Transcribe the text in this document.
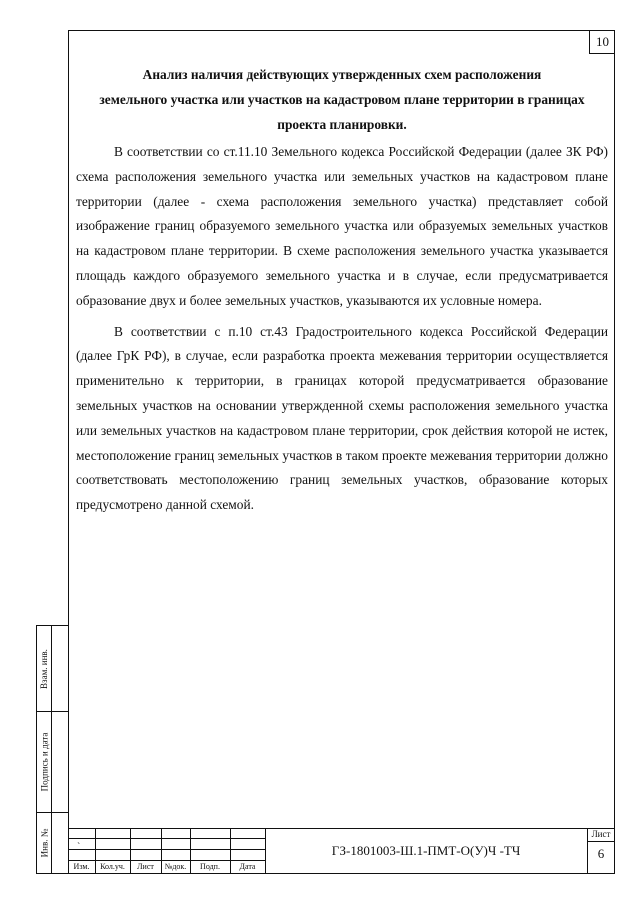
10

Анализ наличия действующих утвержденных схем расположения

земельного участка или участков на кадастровом плане территории в границах

проекта планировки.

В соответствии со ст.11.10 Земельного кодекса Российской Федерации (далее ЗК РФ) схема расположения земельного участка или земельных участков на кадастровом плане территории (далее - схема расположения земельного участка) представляет собой изображение границ образуемого земельного участка или образуемых земельных участков на кадастровом плане территории. В схеме расположения земельного участка указывается площадь каждого образуемого земельного участка и в случае, если предусматривается образование двух и более земельных участков, указываются их условные номера.

В соответствии с п.10 ст.43 Градостроительного кодекса Российской Федерации (далее ГрК РФ), в случае, если разработка проекта межевания территории осуществляется применительно к территории, в границах которой предусматривается образование земельных участков на основании утвержденной схемы расположения земельного участка или земельных участков на кадастровом плане территории, срок действия которой не истек, местоположение границ земельных участков в таком проекте межевания территории должно соответствовать местоположению границ земельных участков, образование которых предусмотрено данной схемой.

Взам. инв.
Подпись и дата
Инв. №
Изм.	Кол.уч.	Лист	№док.	Подп.	Дата
ˋ	ГЗ-1801003-Ш.1-ПМТ-О(У)Ч -ТЧ
Лист
6
